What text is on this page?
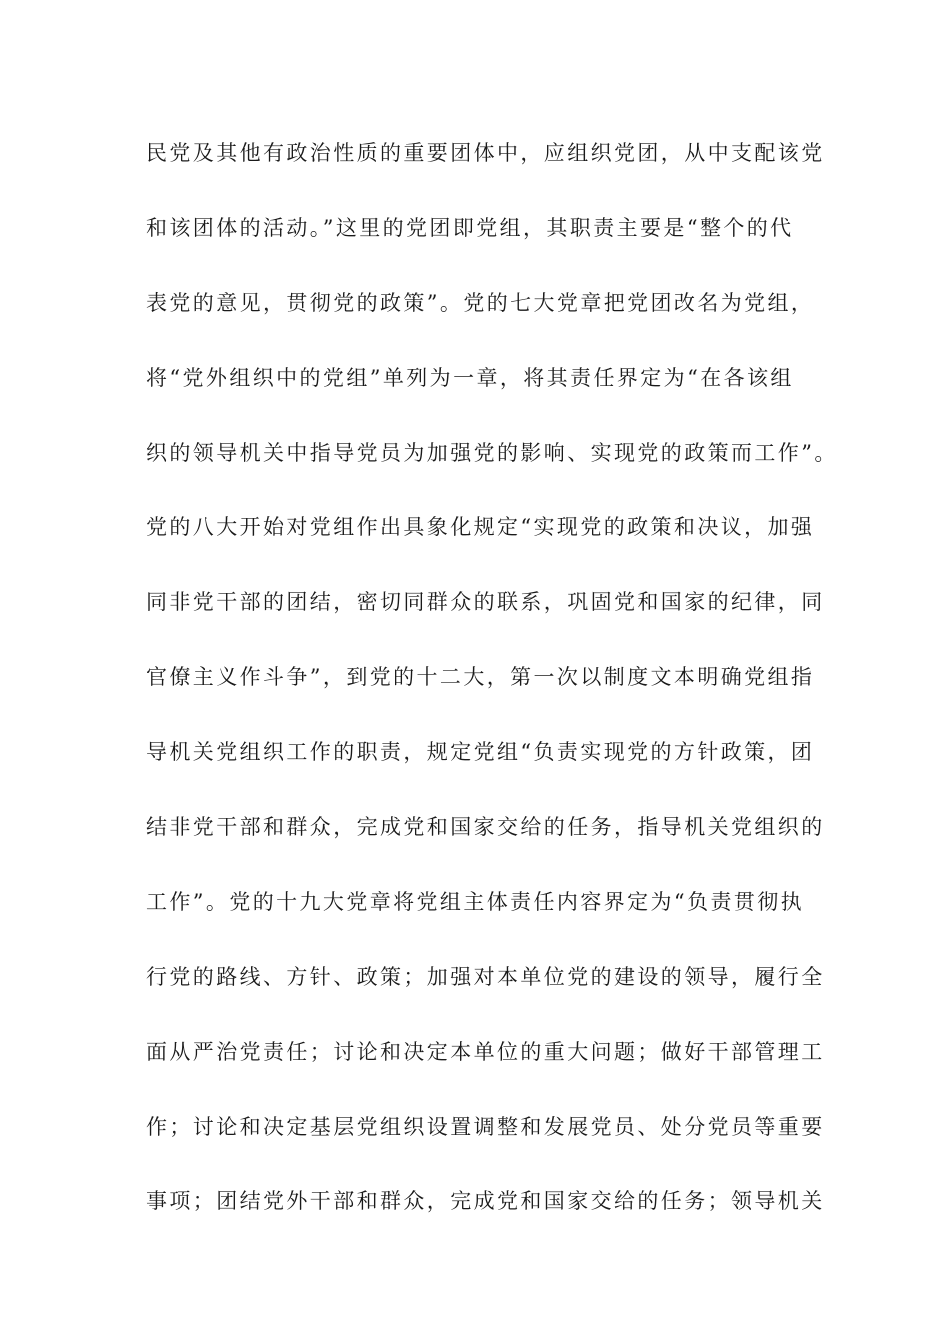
民党及其他有政治性质的重要团体中，应组织党团，从中支配该党
和该团体的活动。”这里的党团即党组，其职责主要是“整个的代
表党的意见，贯彻党的政策”。党的七大党章把党团改名为党组，
将“党外组织中的党组”单列为一章，将其责任界定为“在各该组
织的领导机关中指导党员为加强党的影响、实现党的政策而工作”。
党的八大开始对党组作出具象化规定“实现党的政策和决议，加强
同非党干部的团结，密切同群众的联系，巩固党和国家的纪律，同
官僚主义作斗争”，到党的十二大，第一次以制度文本明确党组指
导机关党组织工作的职责，规定党组“负责实现党的方针政策，团
结非党干部和群众，完成党和国家交给的任务，指导机关党组织的
工作”。党的十九大党章将党组主体责任内容界定为“负责贯彻执
行党的路线、方针、政策；加强对本单位党的建设的领导，履行全
面从严治党责任；讨论和决定本单位的重大问题；做好干部管理工
作；讨论和决定基层党组织设置调整和发展党员、处分党员等重要
事项；团结党外干部和群众，完成党和国家交给的任务；领导机关
